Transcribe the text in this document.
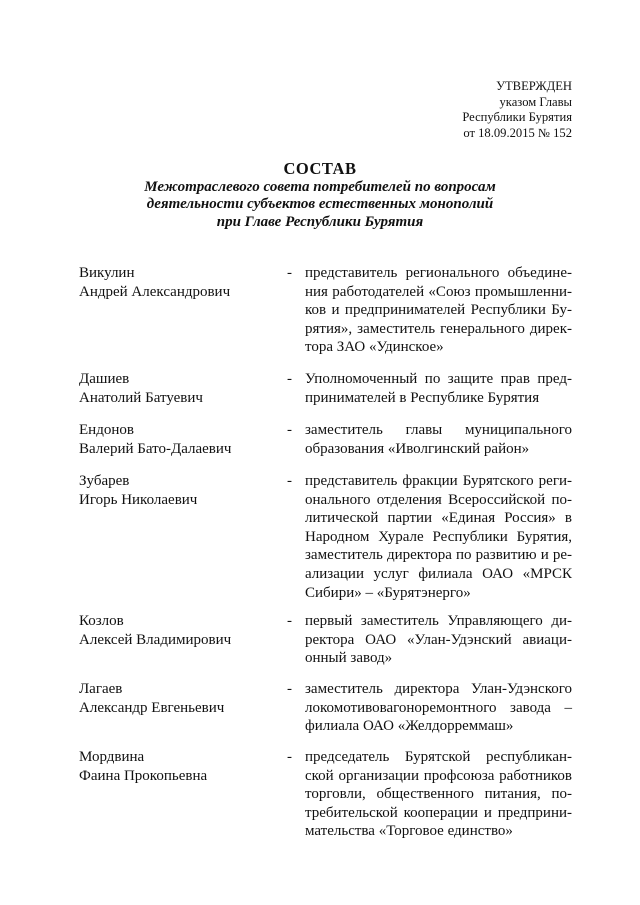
УТВЕРЖДЕН
указом Главы
Республики Бурятия
от 18.09.2015 № 152
СОСТАВ
Межотраслевого совета потребителей по вопросам
деятельности субъектов естественных монополий
при Главе Республики Бурятия
Викулин
Андрей Александрович
- представитель регионального объединения работодателей «Союз промышленников и предпринимателей Республики Бурятия», заместитель генерального директора ЗАО «Удинское»
Дашиев
Анатолий Батуевич
- Уполномоченный по защите прав предпринимателей в Республике Бурятия
Ендонов
Валерий Бато-Далаевич
- заместитель главы муниципального образования «Иволгинский район»
Зубарев
Игорь Николаевич
- представитель фракции Бурятского регионального отделения Всероссийской политической партии «Единая Россия» в Народном Хурале Республики Бурятия, заместитель директора по развитию и реализации услуг филиала ОАО «МРСК Сибири» – «Бурятэнерго»
Козлов
Алексей Владимирович
- первый заместитель Управляющего директора ОАО «Улан-Удэнский авиационный завод»
Лагаев
Александр Евгеньевич
- заместитель директора Улан-Удэнского локомотивовагоноремонтного завода – филиала ОАО «Желдорреммаш»
Мордвина
Фаина Прокопьевна
- председатель Бурятской республиканской организации профсоюза работников торговли, общественного питания, потребительской кооперации и предпринимательства «Торговое единство»
